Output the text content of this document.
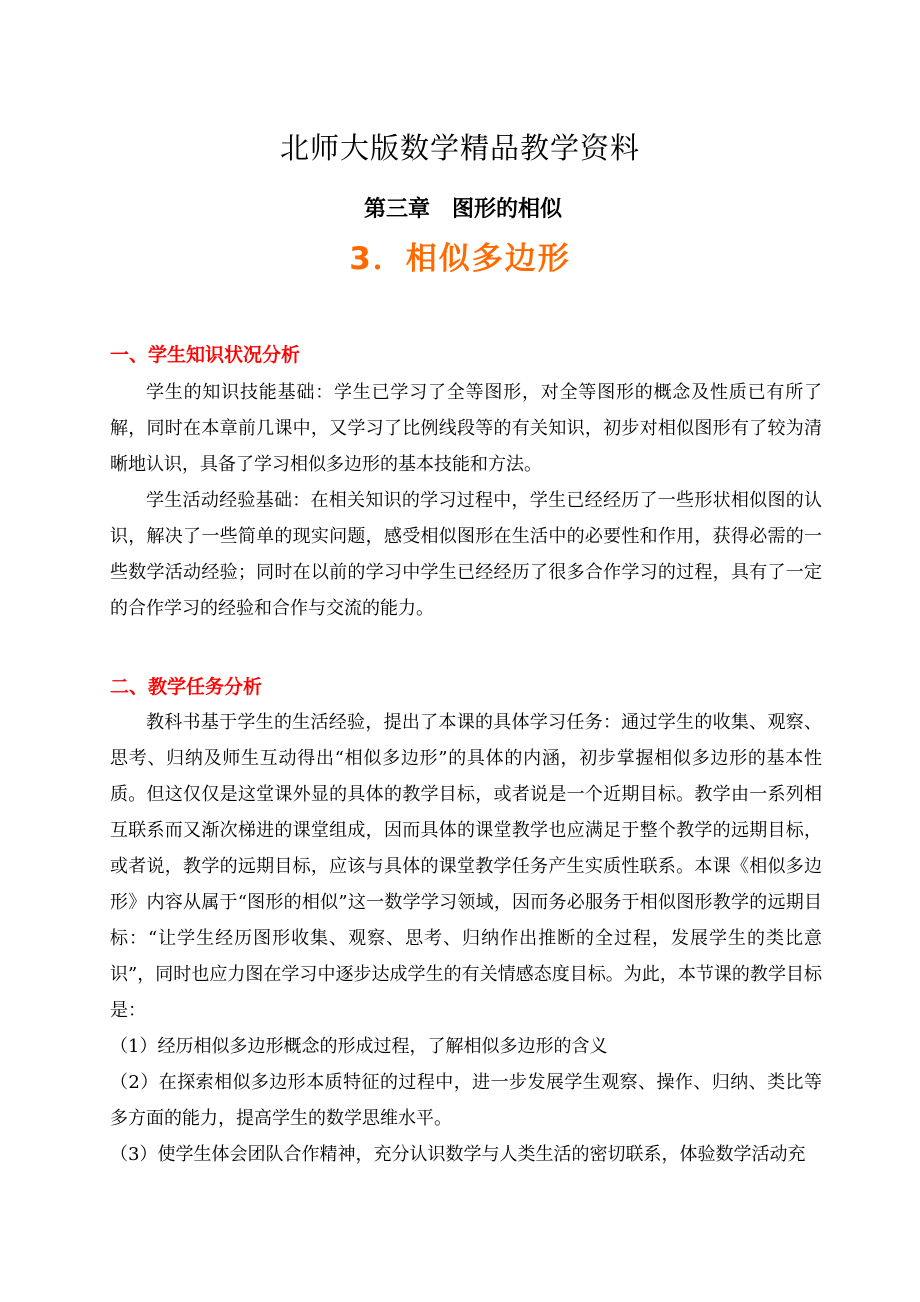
北师大版数学精品教学资料
第三章　图形的相似
3．相似多边形
一、学生知识状况分析

学生的知识技能基础：学生已学习了全等图形，对全等图形的概念及性质已有所了解，同时在本章前几课中，又学习了比例线段等的有关知识，初步对相似图形有了较为清晰地认识，具备了学习相似多边形的基本技能和方法。

学生活动经验基础：在相关知识的学习过程中，学生已经经历了一些形状相似图的认识，解决了一些简单的现实问题，感受相似图形在生活中的必要性和作用，获得必需的一些数学活动经验；同时在以前的学习中学生已经经历了很多合作学习的过程，具有了一定的合作学习的经验和合作与交流的能力。

二、教学任务分析

教科书基于学生的生活经验，提出了本课的具体学习任务：通过学生的收集、观察、思考、归纳及师生互动得出“相似多边形”的具体的内涵，初步掌握相似多边形的基本性质。但这仅仅是这堂课外显的具体的教学目标，或者说是一个近期目标。教学由一系列相互联系而又渐次梯进的课堂组成，因而具体的课堂教学也应满足于整个教学的远期目标，或者说，教学的远期目标，应该与具体的课堂教学任务产生实质性联系。本课《相似多边形》内容从属于“图形的相似”这一数学学习领域，因而务必服务于相似图形教学的远期目标：“让学生经历图形收集、观察、思考、归纳作出推断的全过程，发展学生的类比意识”，同时也应力图在学习中逐步达成学生的有关情感态度目标。为此，本节课的教学目标是：

（1）经历相似多边形概念的形成过程，了解相似多边形的含义

（2）在探索相似多边形本质特征的过程中，进一步发展学生观察、操作、归纳、类比等多方面的能力，提高学生的数学思维水平。

（3）使学生体会团队合作精神，充分认识数学与人类生活的密切联系，体验数学活动充
